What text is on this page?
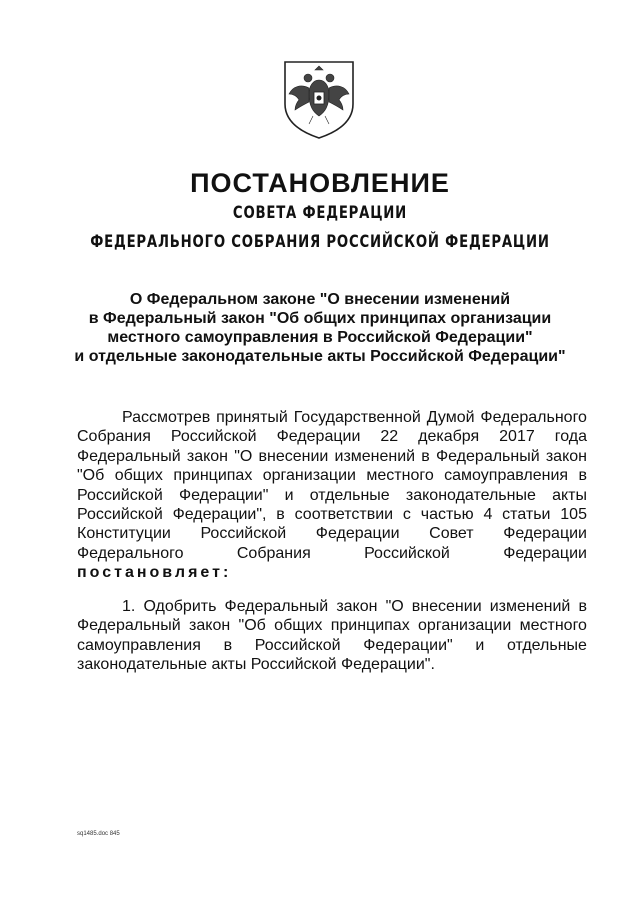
ПОСТАНОВЛЕНИЕ
СОВЕТА ФЕДЕРАЦИИ
ФЕДЕРАЛЬНОГО СОБРАНИЯ РОССИЙСКОЙ ФЕДЕРАЦИИ
О Федеральном законе "О внесении изменений
в Федеральный закон "Об общих принципах организации
местного самоуправления в Российской Федерации"
и отдельные законодательные акты Российской Федерации"
Рассмотрев принятый Государственной Думой Федерального
Собрания Российской Федерации 22 декабря 2017 года
Федеральный закон "О внесении изменений в Федеральный закон
"Об общих принципах организации местного самоуправления в
Российской Федерации" и отдельные законодательные акты
Российской Федерации", в соответствии с частью 4 статьи 105
Конституции Российской Федерации Совет Федерации
Федерального	Собрания	Российской	Федерации
постановляет:
1. Одобрить Федеральный закон "О внесении изменений в
Федеральный закон "Об общих принципах организации местного
самоуправления в Российской Федерации" и отдельные
законодательные акты Российской Федерации".
sq1485.doc 845
